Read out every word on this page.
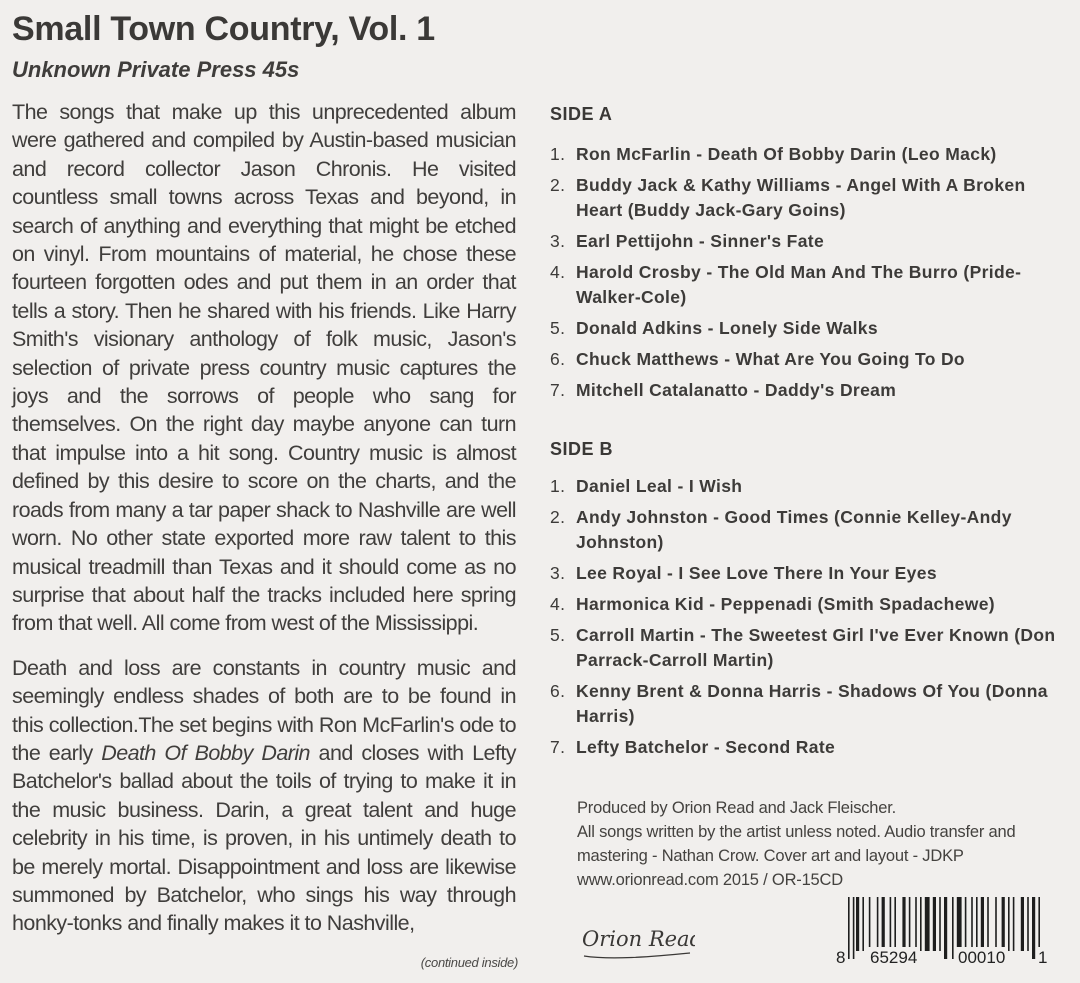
Small Town Country, Vol. 1
Unknown Private Press 45s

The songs that make up this unprecedented album were gathered and compiled by Austin-based musician and record collector Jason Chronis. He visited countless small towns across Texas and beyond, in search of anything and everything that might be etched on vinyl. From mountains of material, he chose these fourteen forgotten odes and put them in an order that tells a story. Then he shared with his friends. Like Harry Smith's visionary anthology of folk music, Jason's selection of private press country music captures the joys and the sorrows of people who sang for themselves. On the right day maybe anyone can turn that impulse into a hit song. Country music is almost defined by this desire to score on the charts, and the roads from many a tar paper shack to Nashville are well worn. No other state exported more raw talent to this musical treadmill than Texas and it should come as no surprise that about half the tracks included here spring from that well. All come from west of the Mississippi.

Death and loss are constants in country music and seemingly endless shades of both are to be found in this collection.The set begins with Ron McFarlin's ode to the early Death Of Bobby Darin and closes with Lefty Batchelor's ballad about the toils of trying to make it in the music business. Darin, a great talent and huge celebrity in his time, is proven, in his untimely death to be merely mortal. Disappointment and loss are likewise summoned by Batchelor, who sings his way through honky-tonks and finally makes it to Nashville,

(continued inside)
SIDE A
1. Ron McFarlin - Death Of Bobby Darin (Leo Mack)
2. Buddy Jack & Kathy Williams - Angel With A Broken Heart (Buddy Jack-Gary Goins)
3. Earl Pettijohn - Sinner's Fate
4. Harold Crosby - The Old Man And The Burro (Pride-Walker-Cole)
5. Donald Adkins - Lonely Side Walks
6. Chuck Matthews - What Are You Going To Do
7. Mitchell Catalanatto - Daddy's Dream
SIDE B
1. Daniel Leal - I Wish
2. Andy Johnston - Good Times (Connie Kelley-Andy Johnston)
3. Lee Royal - I See Love There In Your Eyes
4. Harmonica Kid - Peppenadi (Smith Spadachewe)
5. Carroll Martin - The Sweetest Girl I've Ever Known (Don Parrack-Carroll Martin)
6. Kenny Brent & Donna Harris - Shadows Of You (Donna Harris)
7. Lefty Batchelor - Second Rate
Produced by Orion Read and Jack Fleischer.
All songs written by the artist unless noted. Audio transfer and
mastering - Nathan Crow. Cover art and layout - JDKP
www.orionread.com 2015 / OR-15CD
Orion Read
8 65294 00010 1
